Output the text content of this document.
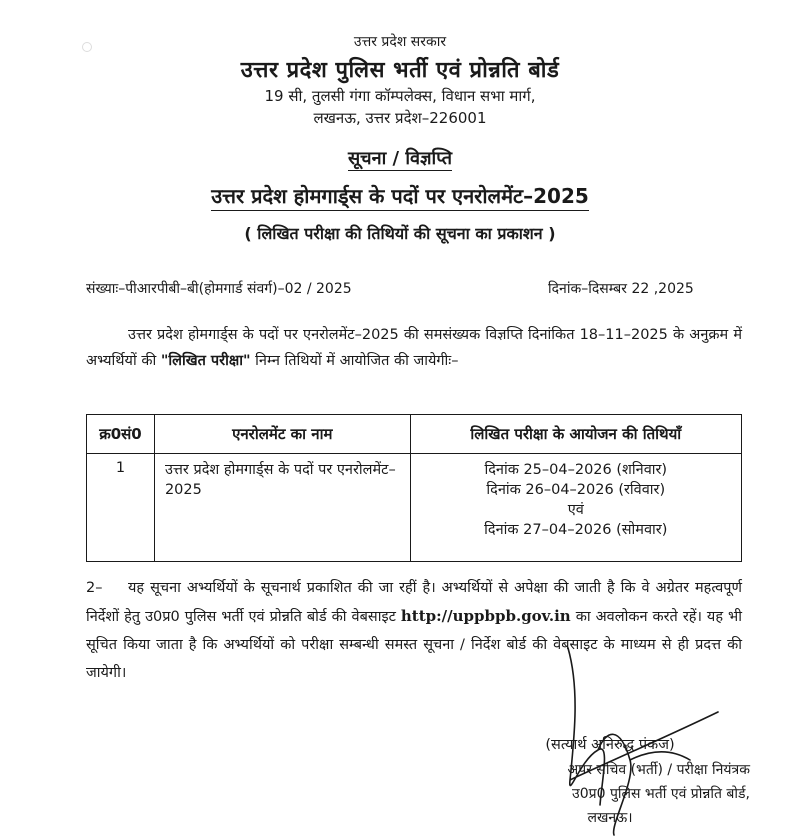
उत्तर प्रदेश सरकार
उत्तर प्रदेश पुलिस भर्ती एवं प्रोन्नति बोर्ड
19 सी, तुलसी गंगा कॉम्पलेक्स, विधान सभा मार्ग,
लखनऊ, उत्तर प्रदेश–226001
सूचना / विज्ञप्ति
उत्तर प्रदेश होमगार्ड्स के पदों पर एनरोलमेंट–2025
( लिखित परीक्षा की तिथियों की सूचना का प्रकाशन )
संख्याः–पीआरपीबी–बी(होमगार्ड संवर्ग)–02 / 2025	दिनांक–दिसम्बर 22 ,2025
उत्तर प्रदेश होमगार्ड्स के पदों पर एनरोलमेंट–2025 की समसंख्यक विज्ञप्ति दिनांकित 18–11–2025 के अनुक्रम में अभ्यर्थियों की "लिखित परीक्षा" निम्न तिथियों में आयोजित की जायेगीः–
क्र0सं0	एनरोलमेंट का नाम	लिखित परीक्षा के आयोजन की तिथियाँ
1	उत्तर प्रदेश होमगार्ड्स के पदों पर एनरोलमेंट–2025	दिनांक 25–04–2026 (शनिवार)
दिनांक 26–04–2026 (रविवार)
एवं
दिनांक 27–04–2026 (सोमवार)
2– यह सूचना अभ्यर्थियों के सूचनार्थ प्रकाशित की जा रहीं है। अभ्यर्थियों से अपेक्षा की जाती है कि वे अग्रेतर महत्वपूर्ण निर्देशों हेतु उ0प्र0 पुलिस भर्ती एवं प्रोन्नति बोर्ड की वेबसाइट http://uppbpb.gov.in का अवलोकन करते रहें। यह भी सूचित किया जाता है कि अभ्यर्थियों को परीक्षा सम्बन्धी समस्त सूचना / निर्देश बोर्ड की वेबसाइट के माध्यम से ही प्रदत्त की जायेगी।
(सत्यार्थ अनिरुद्ध पंकज)
अपर सचिव (भर्ती) / परीक्षा नियंत्रक
उ0प्र0 पुलिस भर्ती एवं प्रोन्नति बोर्ड,
लखनऊ।
